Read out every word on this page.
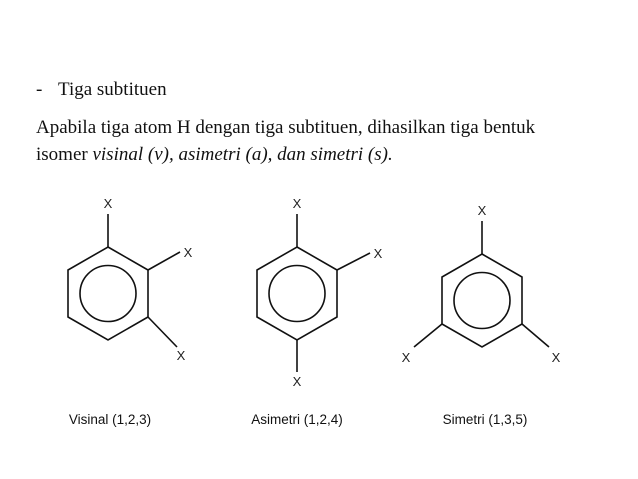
- Tiga subtituen
Apabila tiga atom H dengan tiga subtituen, dihasilkan tiga bentuk
isomer visinal (v), asimetri (a), dan simetri (s).
X
X
X
X
X
X
X
X
X
Visinal (1,2,3)	Asimetri (1,2,4)	Simetri (1,3,5)
